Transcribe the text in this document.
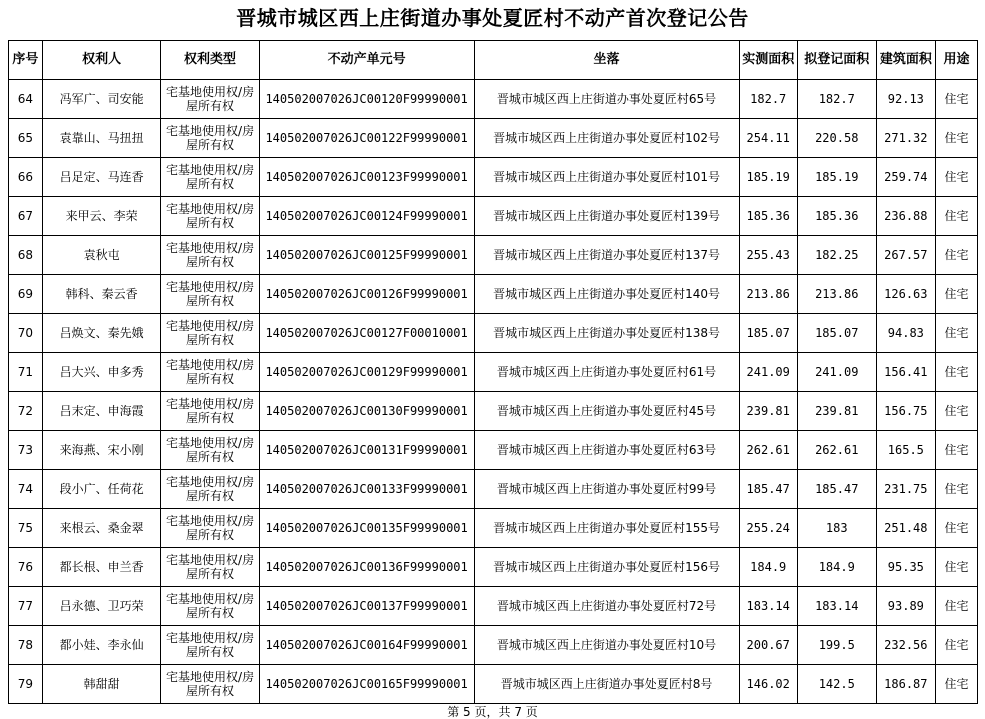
晋城市城区西上庄街道办事处夏匠村不动产首次登记公告
序号	权利人	权利类型	不动产单元号	坐落	实测面积	拟登记面积	建筑面积	用途
64	冯军广、司安能	宅基地使用权/房屋所有权	140502007026JC00120F99990001	晋城市城区西上庄街道办事处夏匠村65号	182.7	182.7	92.13	住宅
65	袁靠山、马扭扭	宅基地使用权/房屋所有权	140502007026JC00122F99990001	晋城市城区西上庄街道办事处夏匠村102号	254.11	220.58	271.32	住宅
66	吕足定、马连香	宅基地使用权/房屋所有权	140502007026JC00123F99990001	晋城市城区西上庄街道办事处夏匠村101号	185.19	185.19	259.74	住宅
67	来甲云、李荣	宅基地使用权/房屋所有权	140502007026JC00124F99990001	晋城市城区西上庄街道办事处夏匠村139号	185.36	185.36	236.88	住宅
68	袁秋屯	宅基地使用权/房屋所有权	140502007026JC00125F99990001	晋城市城区西上庄街道办事处夏匠村137号	255.43	182.25	267.57	住宅
69	韩科、秦云香	宅基地使用权/房屋所有权	140502007026JC00126F99990001	晋城市城区西上庄街道办事处夏匠村140号	213.86	213.86	126.63	住宅
70	吕焕文、秦先娥	宅基地使用权/房屋所有权	140502007026JC00127F00010001	晋城市城区西上庄街道办事处夏匠村138号	185.07	185.07	94.83	住宅
71	吕大兴、申多秀	宅基地使用权/房屋所有权	140502007026JC00129F99990001	晋城市城区西上庄街道办事处夏匠村61号	241.09	241.09	156.41	住宅
72	吕末定、申海霞	宅基地使用权/房屋所有权	140502007026JC00130F99990001	晋城市城区西上庄街道办事处夏匠村45号	239.81	239.81	156.75	住宅
73	来海燕、宋小刚	宅基地使用权/房屋所有权	140502007026JC00131F99990001	晋城市城区西上庄街道办事处夏匠村63号	262.61	262.61	165.5	住宅
74	段小广、任荷花	宅基地使用权/房屋所有权	140502007026JC00133F99990001	晋城市城区西上庄街道办事处夏匠村99号	185.47	185.47	231.75	住宅
75	来根云、桑金翠	宅基地使用权/房屋所有权	140502007026JC00135F99990001	晋城市城区西上庄街道办事处夏匠村155号	255.24	183	251.48	住宅
76	都长根、申兰香	宅基地使用权/房屋所有权	140502007026JC00136F99990001	晋城市城区西上庄街道办事处夏匠村156号	184.9	184.9	95.35	住宅
77	吕永德、卫巧荣	宅基地使用权/房屋所有权	140502007026JC00137F99990001	晋城市城区西上庄街道办事处夏匠村72号	183.14	183.14	93.89	住宅
78	都小娃、李永仙	宅基地使用权/房屋所有权	140502007026JC00164F99990001	晋城市城区西上庄街道办事处夏匠村10号	200.67	199.5	232.56	住宅
79	韩甜甜	宅基地使用权/房屋所有权	140502007026JC00165F99990001	晋城市城区西上庄街道办事处夏匠村8号	146.02	142.5	186.87	住宅
第 5 页，共 7 页
